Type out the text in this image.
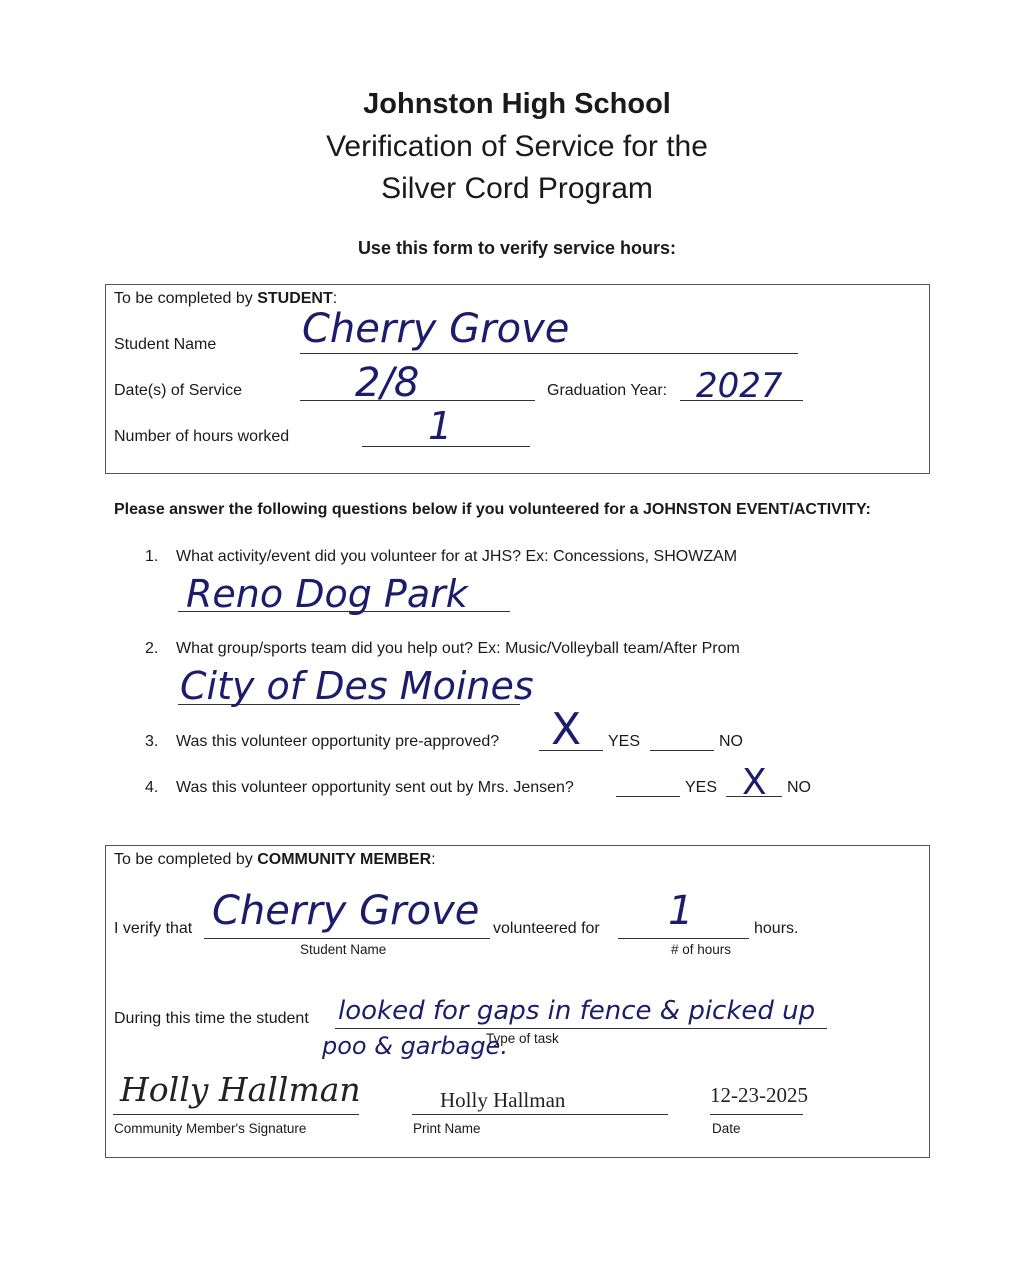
Johnston High School
Verification of Service for the
Silver Cord Program
Use this form to verify service hours:
To be completed by STUDENT:
Student Name Cherry Grove
Date(s) of Service	2/8	Graduation Year: 2027
Number of hours worked	1
Please answer the following questions below if you volunteered for a JOHNSTON EVENT/ACTIVITY:
1. What activity/event did you volunteer for at JHS? Ex: Concessions, SHOWZAM
Reno Dog Park
2. What group/sports team did you help out? Ex: Music/Volleyball team/After Prom
City of Des Moines
3. Was this volunteer opportunity pre-approved? X YES	NO
4. Was this volunteer opportunity sent out by Mrs. Jensen?	YES X NO
To be completed by COMMUNITY MEMBER:
I verify that Cherry Grove
Student Name
volunteered for 1
# of hours
hours.
During this time the student looked for gaps in fence & picked up
Type of task
poo & garbage.
Holly Hallman
Community Member's Signature
Holly Hallman
Print Name
12-23-2025
Date
